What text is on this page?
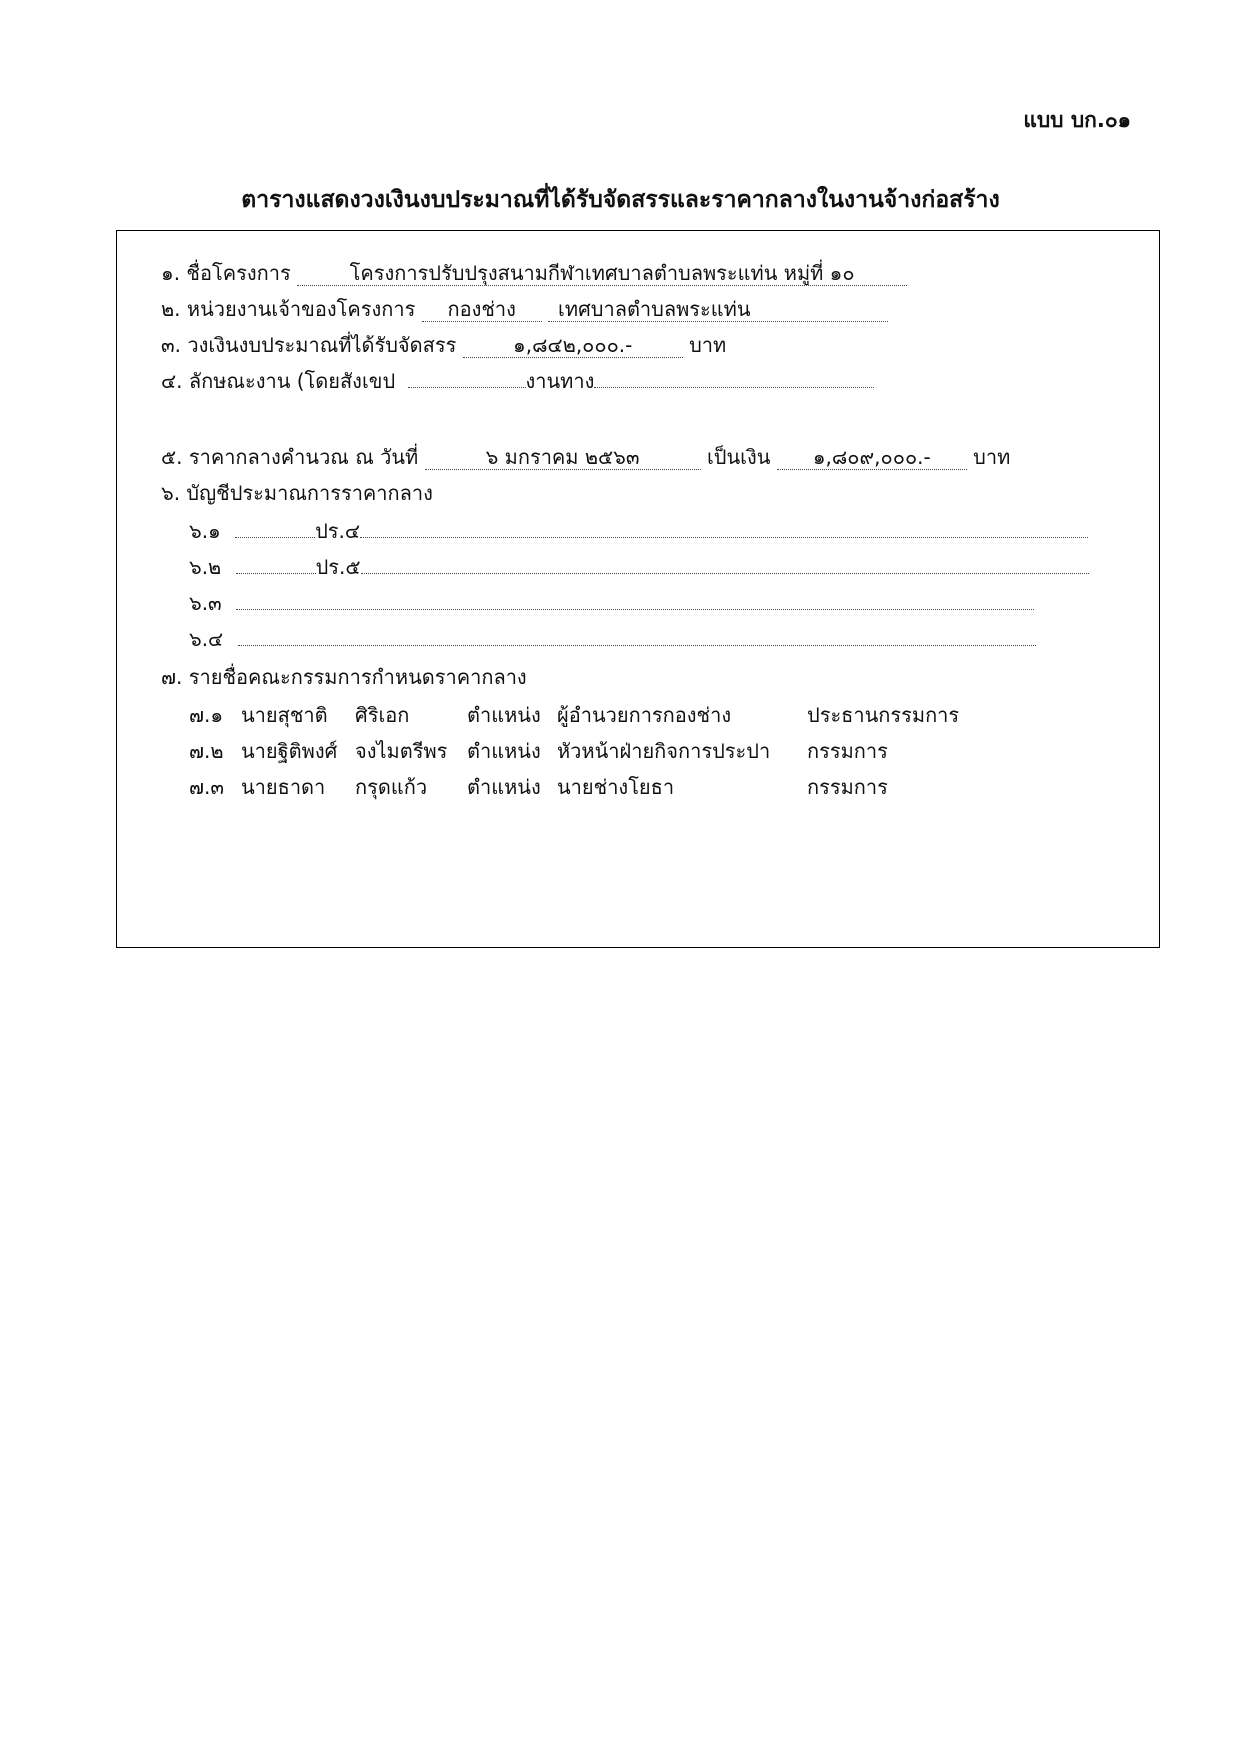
แบบ บก.๐๑
ตารางแสดงวงเงินงบประมาณที่ได้รับจัดสรรและราคากลางในงานจ้างก่อสร้าง
๑. ชื่อโครงการ	โครงการปรับปรุงสนามกีฬาเทศบาลตำบลพระแท่น หมู่ที่ ๑๐
๒. หน่วยงานเจ้าของโครงการ กองช่าง เทศบาลตำบลพระแท่น
๓. วงเงินงบประมาณที่ได้รับจัดสรร	๑,๘๔๒,๐๐๐.-	บาท
๔. ลักษณะงาน (โดยสังเขป	งานทาง
๕. ราคากลางคำนวณ ณ วันที่	๖ มกราคม ๒๕๖๓	เป็นเงิน ๑,๘๐๙,๐๐๐.- บาท
๖. บัญชีประมาณการราคากลาง
๖.๑	ปร.๔
๖.๒	ปร.๕
๖.๓
๖.๔
๗. รายชื่อคณะกรรมการกำหนดราคากลาง
๗.๑ นายสุชาติ ศิริเอก	ตำแหน่ง ผู้อำนวยการกองช่าง	ประธานกรรมการ
๗.๒ นายฐิติพงศ์ จงไมตรีพร ตำแหน่ง หัวหน้าฝ่ายกิจการประปา กรรมการ
๗.๓ นายธาดา กรุดแก้ว ตำแหน่ง นายช่างโยธา	กรรมการ
